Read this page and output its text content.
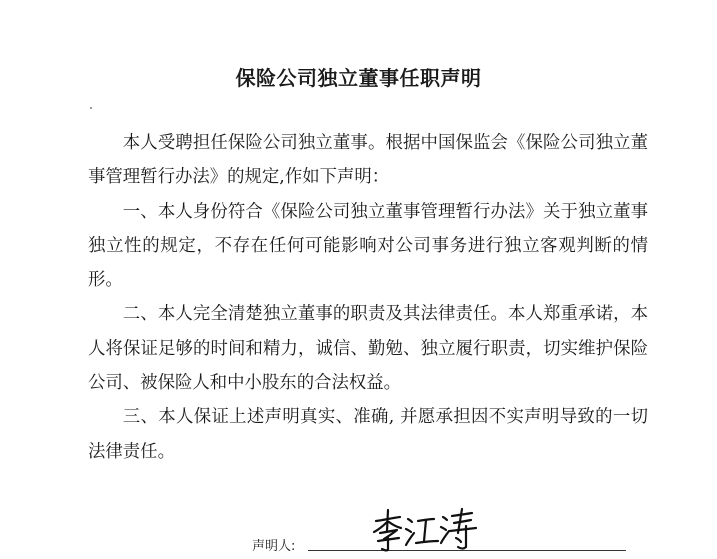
保险公司独立董事任职声明

本人受聘担任保险公司独立董事。根据中国保监会《保险公司独立董事管理暂行办法》的规定,作如下声明：

一、本人身份符合《保险公司独立董事管理暂行办法》关于独立董事独立性的规定，不存在任何可能影响对公司事务进行独立客观判断的情形。

二、本人完全清楚独立董事的职责及其法律责任。本人郑重承诺，本人将保证足够的时间和精力，诚信、勤勉、独立履行职责，切实维护保险公司、被保险人和中小股东的合法权益。

三、本人保证上述声明真实、准确, 并愿承担因不实声明导致的一切法律责任。

声明人:
